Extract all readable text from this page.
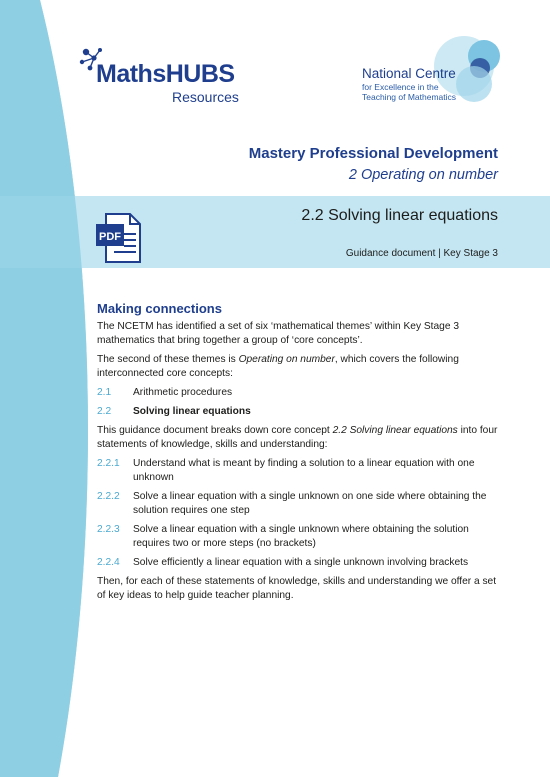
MathsHUBS
Resources
National Centre
for Excellence in the
Teaching of Mathematics
Mastery Professional Development
2 Operating on number
2.2 Solving linear equations
Guidance document | Key Stage 3
PDF
Making connections

The NCETM has identified a set of six ‘mathematical themes’ within Key Stage 3 mathematics that bring together a group of ‘core concepts’.

The second of these themes is Operating on number, which covers the following interconnected core concepts:

2.1 Arithmetic procedures
2.2 Solving linear equations

This guidance document breaks down core concept 2.2 Solving linear equations into four statements of knowledge, skills and understanding:

2.2.1 Understand what is meant by finding a solution to a linear equation with one unknown
2.2.2 Solve a linear equation with a single unknown on one side where obtaining the solution requires one step
2.2.3 Solve a linear equation with a single unknown where obtaining the solution requires two or more steps (no brackets)
2.2.4 Solve efficiently a linear equation with a single unknown involving brackets

Then, for each of these statements of knowledge, skills and understanding we offer a set of key ideas to help guide teacher planning.
